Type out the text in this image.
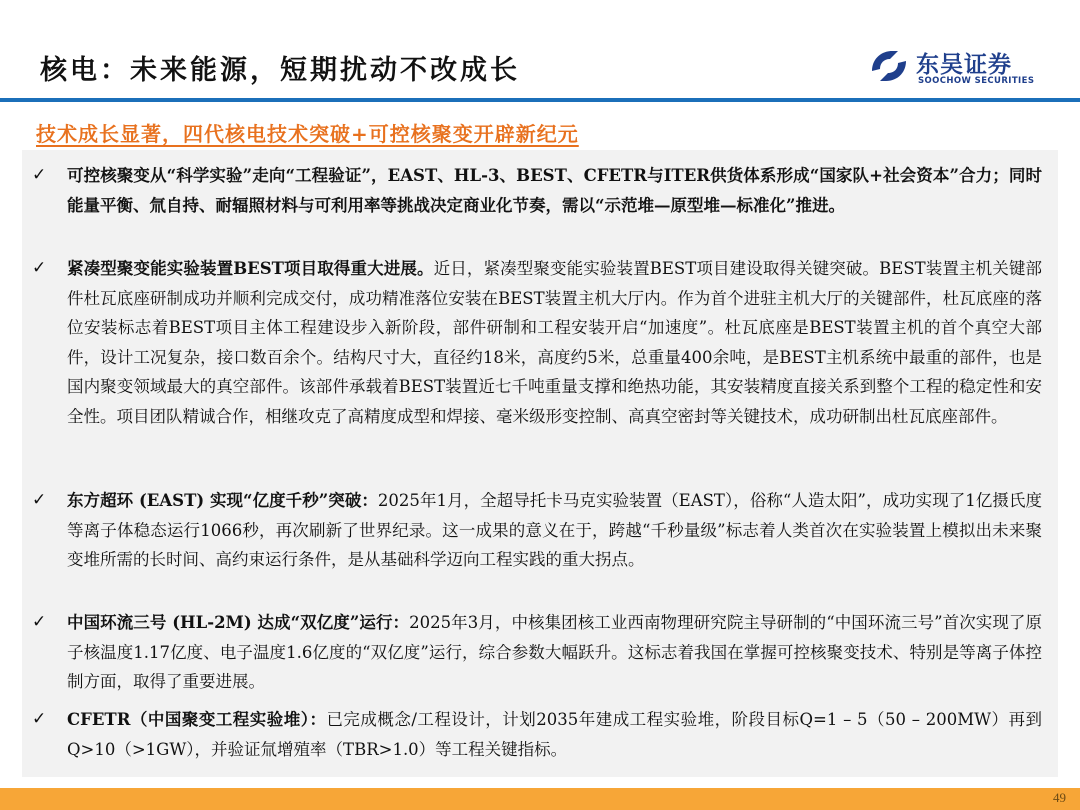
核电：未来能源，短期扰动不改成长	东吴证券
SOOCHOW SECURITIES
技术成长显著，四代核电技术突破+可控核聚变开辟新纪元
✓ 可控核聚变从“科学实验”走向“工程验证”，EAST、HL-3、BEST、CFETR与ITER供货体系形成“国家队+社会资本”合力；同时能量平衡、氚自持、耐辐照材料与可利用率等挑战决定商业化节奏，需以“示范堆—原型堆—标准化”推进。
✓ 紧凑型聚变能实验装置BEST项目取得重大进展。近日，紧凑型聚变能实验装置BEST项目建设取得关键突破。BEST装置主机关键部件杜瓦底座研制成功并顺利完成交付，成功精准落位安装在BEST装置主机大厅内。作为首个进驻主机大厅的关键部件，杜瓦底座的落位安装标志着BEST项目主体工程建设步入新阶段，部件研制和工程安装开启“加速度”。杜瓦底座是BEST装置主机的首个真空大部件，设计工况复杂，接口数百余个。结构尺寸大，直径约18米，高度约5米，总重量400余吨，是BEST主机系统中最重的部件，也是国内聚变领域最大的真空部件。该部件承载着BEST装置近七千吨重量支撑和绝热功能，其安装精度直接关系到整个工程的稳定性和安全性。项目团队精诚合作，相继攻克了高精度成型和焊接、毫米级形变控制、高真空密封等关键技术，成功研制出杜瓦底座部件。
✓ 东方超环 (EAST) 实现“亿度千秒”突破：2025年1月，全超导托卡马克实验装置（EAST），俗称“人造太阳”，成功实现了1亿摄氏度等离子体稳态运行1066秒，再次刷新了世界纪录。这一成果的意义在于，跨越“千秒量级”标志着人类首次在实验装置上模拟出未来聚变堆所需的长时间、高约束运行条件，是从基础科学迈向工程实践的重大拐点。
✓ 中国环流三号 (HL-2M) 达成“双亿度”运行：2025年3月，中核集团核工业西南物理研究院主导研制的“中国环流三号”首次实现了原子核温度1.17亿度、电子温度1.6亿度的“双亿度”运行，综合参数大幅跃升。这标志着我国在掌握可控核聚变技术、特别是等离子体控制方面，取得了重要进展。
✓ CFETR（中国聚变工程实验堆）：已完成概念/工程设计，计划2035年建成工程实验堆，阶段目标Q=1 – 5（50 – 200MW）再到Q>10（>1GW），并验证氚增殖率（TBR>1.0）等工程关键指标。
49
